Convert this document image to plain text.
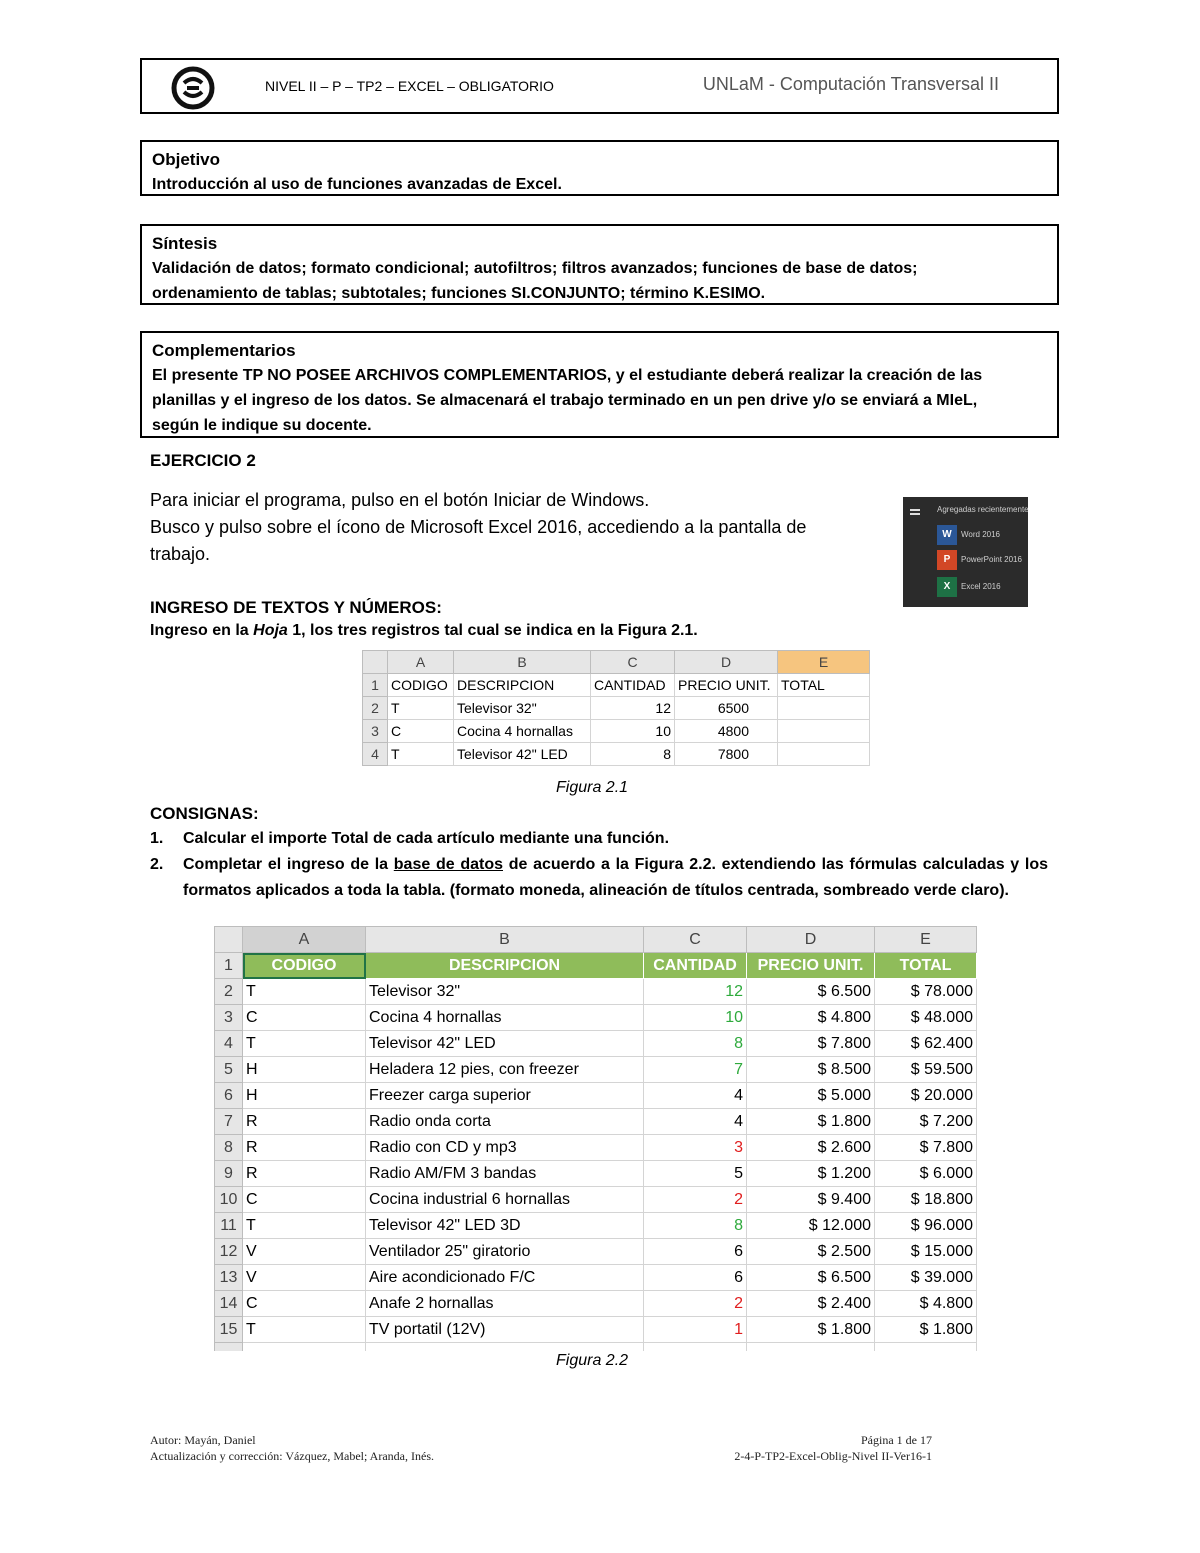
NIVEL II – P – TP2 – EXCEL – OBLIGATORIO	UNLaM - Computación Transversal II
Objetivo
Introducción al uso de funciones avanzadas de Excel.
Síntesis
Validación de datos; formato condicional; autofiltros; filtros avanzados; funciones de base de datos;
ordenamiento de tablas; subtotales; funciones SI.CONJUNTO; término K.ESIMO.
Complementarios
El presente TP NO POSEE ARCHIVOS COMPLEMENTARIOS, y el estudiante deberá realizar la creación de las
planillas y el ingreso de los datos. Se almacenará el trabajo terminado en un pen drive y/o se enviará a MIeL,
según le indique su docente.
EJERCICIO 2
Para iniciar el programa, pulso en el botón Iniciar de Windows.
Busco y pulso sobre el ícono de Microsoft Excel 2016, accediendo a la pantalla de
trabajo.
Agregadas recientemente
W	Word 2016
P	PowerPoint 2016
X	Excel 2016
INGRESO DE TEXTOS Y NÚMEROS:
Ingreso en la Hoja 1, los tres registros tal cual se indica en la Figura 2.1.
	A	B	C	D	E
1	CODIGO	DESCRIPCION	CANTIDAD	PRECIO UNIT.	TOTAL
2	T	Televisor 32"	12	6500	
3	C	Cocina 4 hornallas	10	4800	
4	T	Televisor 42" LED	8	7800	
Figura 2.1
CONSIGNAS:
1. Calcular el importe Total de cada artículo mediante una función.
2. Completar el ingreso de la base de datos de acuerdo a la Figura 2.2. extendiendo las fórmulas calculadas y los formatos aplicados a toda la tabla. (formato moneda, alineación de títulos centrada, sombreado verde claro).
	A	B	C	D	E
1	CODIGO	DESCRIPCION	CANTIDAD	PRECIO UNIT.	TOTAL
2	T	Televisor 32"	12	$ 6.500	$ 78.000
3	C	Cocina 4 hornallas	10	$ 4.800	$ 48.000
4	T	Televisor 42" LED	8	$ 7.800	$ 62.400
5	H	Heladera 12 pies, con freezer	7	$ 8.500	$ 59.500
6	H	Freezer carga superior	4	$ 5.000	$ 20.000
7	R	Radio onda corta	4	$ 1.800	$ 7.200
8	R	Radio con CD y mp3	3	$ 2.600	$ 7.800
9	R	Radio AM/FM 3 bandas	5	$ 1.200	$ 6.000
10	C	Cocina industrial 6 hornallas	2	$ 9.400	$ 18.800
11	T	Televisor 42" LED 3D	8	$ 12.000	$ 96.000
12	V	Ventilador 25" giratorio	6	$ 2.500	$ 15.000
13	V	Aire acondicionado F/C	6	$ 6.500	$ 39.000
14	C	Anafe 2 hornallas	2	$ 2.400	$ 4.800
15	T	TV portatil (12V)	1	$ 1.800	$ 1.800

Figura 2.2
Autor: Mayán, Daniel
Actualización y corrección: Vázquez, Mabel; Aranda, Inés.
Página 1 de 17
2-4-P-TP2-Excel-Oblig-Nivel II-Ver16-1
